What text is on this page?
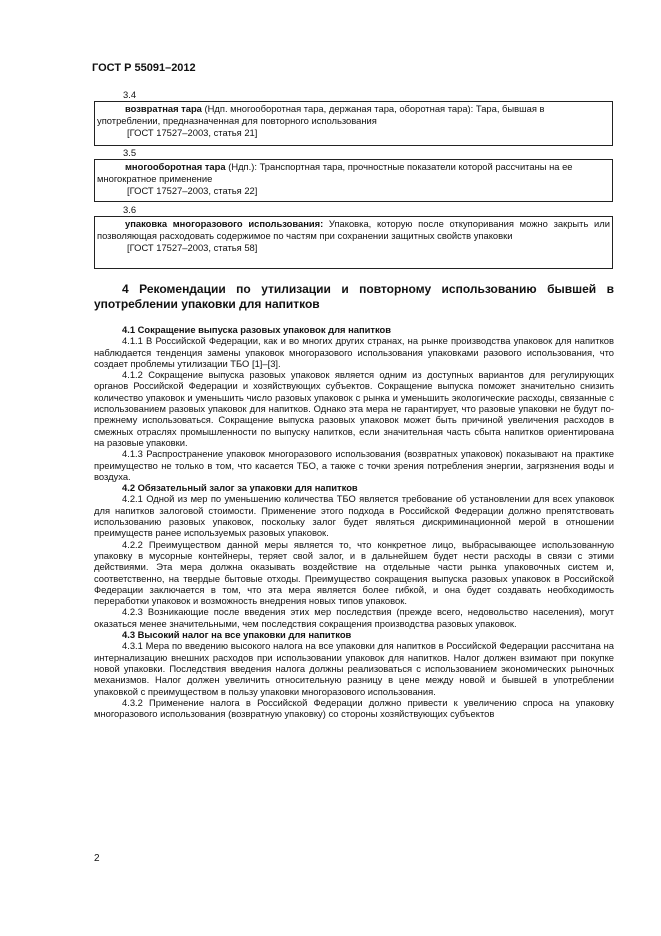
ГОСТ Р 55091–2012
3.4

возвратная тара (Ндп. многооборотная тара, держаная тара, оборотная тара): Тара, бывшая в употреблении, предназначенная для повторного использования

[ГОСТ 17527–2003, статья 21]

3.5

многооборотная тара (Ндп.): Транспортная тара, прочностные показатели которой рассчитаны на ее многократное применение

[ГОСТ 17527–2003, статья 22]

3.6

упаковка многоразового использования: Упаковка, которую после откупоривания можно закрыть или позволяющая расходовать содержимое по частям при сохранении защитных свойств упаковки

[ГОСТ 17527–2003, статья 58]

4 Рекомендации по утилизации и повторному использованию бывшей в употреблении упаковки для напитков

4.1 Сокращение выпуска разовых упаковок для напитков

4.1.1 В Российской Федерации, как и во многих других странах, на рынке производства упаковок для напитков наблюдается тенденция замены упаковок многоразового использования упаковками разового использования, что создает проблемы утилизации ТБО [1]–[3].

4.1.2 Сокращение выпуска разовых упаковок является одним из доступных вариантов для регулирующих органов Российской Федерации и хозяйствующих субъектов. Сокращение выпуска поможет значительно снизить количество упаковок и уменьшить число разовых упаковок с рынка и уменьшить экологические расходы, связанные с использованием разовых упаковок для напитков. Однако эта мера не гарантирует, что разовые упаковки не будут по-прежнему использоваться. Сокращение выпуска разовых упаковок может быть причиной увеличения расходов в смежных отраслях промышленности по выпуску напитков, если значительная часть сбыта напитков ориентирована на разовые упаковки.

4.1.3 Распространение упаковок многоразового использования (возвратных упаковок) показывают на практике преимущество не только в том, что касается ТБО, а также с точки зрения потребления энергии, загрязнения воды и воздуха.

4.2 Обязательный залог за упаковки для напитков

4.2.1 Одной из мер по уменьшению количества ТБО является требование об установлении для всех упаковок для напитков залоговой стоимости. Применение этого подхода в Российской Федерации должно препятствовать использованию разовых упаковок, поскольку залог будет являться дискриминационной мерой в отношении преимуществ ранее используемых разовых упаковок.

4.2.2 Преимуществом данной меры является то, что конкретное лицо, выбрасывающее использованную упаковку в мусорные контейнеры, теряет свой залог, и в дальнейшем будет нести расходы в связи с этими действиями. Эта мера должна оказывать воздействие на отдельные части рынка упаковочных систем и, соответственно, на твердые бытовые отходы. Преимущество сокращения выпуска разовых упаковок в Российской Федерации заключается в том, что эта мера является более гибкой, и она будет создавать необходимость переработки упаковок и возможность внедрения новых типов упаковок.

4.2.3 Возникающие после введения этих мер последствия (прежде всего, недовольство населения), могут оказаться менее значительными, чем последствия сокращения производства разовых упаковок.

4.3 Высокий налог на все упаковки для напитков

4.3.1 Мера по введению высокого налога на все упаковки для напитков в Российской Федерации рассчитана на интернализацию внешних расходов при использовании упаковок для напитков. Налог должен взимают при покупке новой упаковки. Последствия введения налога должны реализоваться с использованием экономических рыночных механизмов. Налог должен увеличить относительную разницу в цене между новой и бывшей в употреблении упаковкой с преимуществом в пользу упаковки многоразового использования.

4.3.2 Применение налога в Российской Федерации должно привести к увеличению спроса на упаковку многоразового использования (возвратную упаковку) со стороны хозяйствующих субъектов

2
